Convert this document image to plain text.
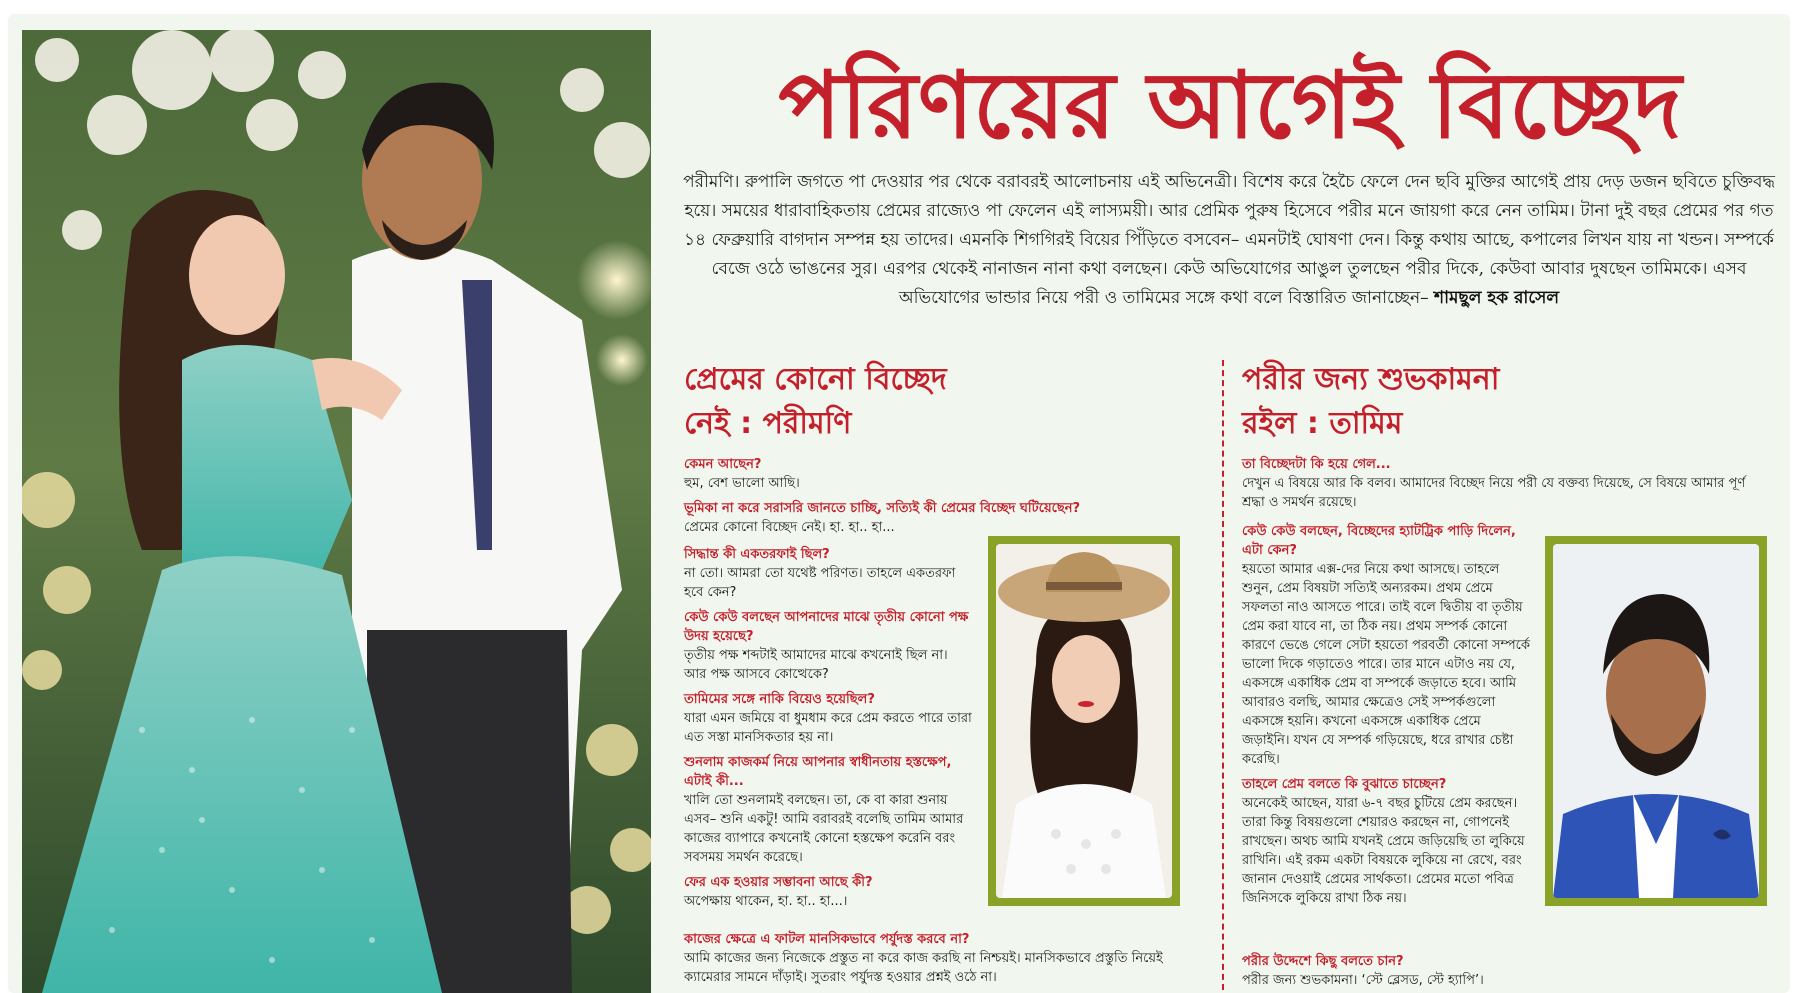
পরিণয়ের আগেই বিচ্ছেদ

পরীমণি। রুপালি জগতে পা দেওয়ার পর থেকে বরাবরই আলোচনায় এই অভিনেত্রী। বিশেষ করে হৈচৈ ফেলে দেন ছবি মুক্তির আগেই প্রায় দেড় ডজন ছবিতে চুক্তিবদ্ধ হয়ে। সময়ের ধারাবাহিকতায় প্রেমের রাজ্যেও পা ফেলেন এই লাস্যময়ী। আর প্রেমিক পুরুষ হিসেবে পরীর মনে জায়গা করে নেন তামিম। টানা দুই বছর প্রেমের পর গত ১৪ ফেব্রুয়ারি বাগদান সম্পন্ন হয় তাদের। এমনকি শিগগিরই বিয়ের পিঁড়িতে বসবেন– এমনটাই ঘোষণা দেন। কিন্তু কথায় আছে, কপালের লিখন যায় না খন্ডন। সম্পর্কে বেজে ওঠে ভাঙনের সুর। এরপর থেকেই নানাজন নানা কথা বলছেন। কেউ অভিযোগের আঙুল তুলছেন পরীর দিকে, কেউবা আবার দুষছেন তামিমকে। এসব অভিযোগের ভান্ডার নিয়ে পরী ও তামিমের সঙ্গে কথা বলে বিস্তারিত জানাচ্ছেন– শামছুল হক রাসেল

প্রেমের কোনো বিচ্ছেদ
নেই : পরীমণি
কেমন আছেন?
হুম, বেশ ভালো আছি।
ভূমিকা না করে সরাসরি জানতে চাচ্ছি, সত্যিই কী প্রেমের বিচ্ছেদ ঘটিয়েছেন?
প্রেমের কোনো বিচ্ছেদ নেই। হা. হা.. হা...
সিদ্ধান্ত কী একতরফাই ছিল?
না তো। আমরা তো যথেষ্ট পরিণত। তাহলে একতরফা হবে কেন?
কেউ কেউ বলছেন আপনাদের মাঝে তৃতীয় কোনো পক্ষ উদয় হয়েছে?
তৃতীয় পক্ষ শব্দটাই আমাদের মাঝে কখনোই ছিল না। আর পক্ষ আসবে কোত্থেকে?
তামিমের সঙ্গে নাকি বিয়েও হয়েছিল?
যারা এমন জমিয়ে বা ধুমধাম করে প্রেম করতে পারে তারা এত সস্তা মানসিকতার হয় না।
শুনলাম কাজকর্ম নিয়ে আপনার স্বাধীনতায় হস্তক্ষেপ, এটাই কী...
খালি তো শুনলামই বলছেন। তা, কে বা কারা শুনায় এসব– শুনি একটু! আমি বরাবরই বলেছি তামিম আমার কাজের ব্যাপারে কখনোই কোনো হস্তক্ষেপ করেনি বরং সবসময় সমর্থন করেছে।
ফের এক হওয়ার সম্ভাবনা আছে কী?
অপেক্ষায় থাকেন, হা. হা.. হা...।
কাজের ক্ষেত্রে এ ফাটল মানসিকভাবে পর্যুদস্ত করবে না?
আমি কাজের জন্য নিজেকে প্রস্তুত না করে কাজ করছি না নিশ্চয়ই। মানসিকভাবে প্রস্তুতি নিয়েই ক্যামেরার সামনে দাঁড়াই। সুতরাং পর্যুদস্ত হওয়ার প্রশ্নই ওঠে না।
পরীর জন্য শুভকামনা
রইল : তামিম
তা বিচ্ছেদটা কি হয়ে গেল...
দেখুন এ বিষয়ে আর কি বলব। আমাদের বিচ্ছেদ নিয়ে পরী যে বক্তব্য দিয়েছে, সে বিষয়ে আমার পূর্ণ শ্রদ্ধা ও সমর্থন রয়েছে।
কেউ কেউ বলছেন, বিচ্ছেদের হ্যাটট্রিক পাড়ি দিলেন, এটা কেন?
হয়তো আমার এক্স-দের নিয়ে কথা আসছে। তাহলে শুনুন, প্রেম বিষয়টা সত্যিই অন্যরকম। প্রথম প্রেমে সফলতা নাও আসতে পারে। তাই বলে দ্বিতীয় বা তৃতীয় প্রেম করা যাবে না, তা ঠিক নয়। প্রথম সম্পর্ক কোনো কারণে ভেঙে গেলে সেটা হয়তো পরবর্তী কোনো সম্পর্কে ভালো দিকে গড়াতেও পারে। তার মানে এটাও নয় যে, একসঙ্গে একাধিক প্রেম বা সম্পর্কে জড়াতে হবে। আমি আবারও বলছি, আমার ক্ষেত্রেও সেই সম্পর্কগুলো একসঙ্গে হয়নি। কখনো একসঙ্গে একাধিক প্রেমে জড়াইনি। যখন যে সম্পর্ক গড়িয়েছে, ধরে রাখার চেষ্টা করেছি।
তাহলে প্রেম বলতে কি বুঝাতে চাচ্ছেন?
অনেকেই আছেন, যারা ৬-৭ বছর চুটিয়ে প্রেম করছেন। তারা কিন্তু বিষয়গুলো শেয়ারও করছেন না, গোপনেই রাখছেন। অথচ আমি যখনই প্রেমে জড়িয়েছি তা লুকিয়ে রাখিনি। এই রকম একটা বিষয়কে লুকিয়ে না রেখে, বরং জানান দেওয়াই প্রেমের সার্থকতা। প্রেমের মতো পবিত্র জিনিসকে লুকিয়ে রাখা ঠিক নয়।
পরীর উদ্দেশে কিছু বলতে চান?
পরীর জন্য শুভকামনা। ‘স্টে ব্লেসড, স্টে হ্যাপি’।
